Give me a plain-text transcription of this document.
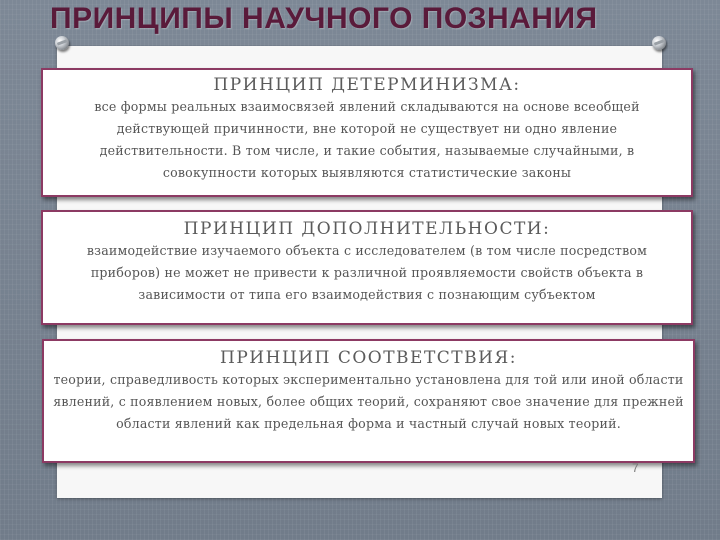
ПРИНЦИПЫ НАУЧНОГО ПОЗНАНИЯ
ПРИНЦИП ДЕТЕРМИНИЗМА:
все формы реальных взаимосвязей явлений складываются на основе всеобщей действующей причинности, вне которой не существует ни одно явление действительности. В том числе, и такие события, называемые случайными, в совокупности которых выявляются статистические законы
ПРИНЦИП ДОПОЛНИТЕЛЬНОСТИ:
взаимодействие изучаемого объекта с исследователем (в том числе посредством приборов) не может не привести к различной проявляемости свойств объекта в зависимости от типа его взаимодействия с познающим субъектом
ПРИНЦИП СООТВЕТСТВИЯ:
теории, справедливость которых экспериментально установлена для той или иной области явлений, с появлением новых, более общих теорий, сохраняют свое значение для прежней области явлений как предельная форма и частный случай новых теорий.
7
